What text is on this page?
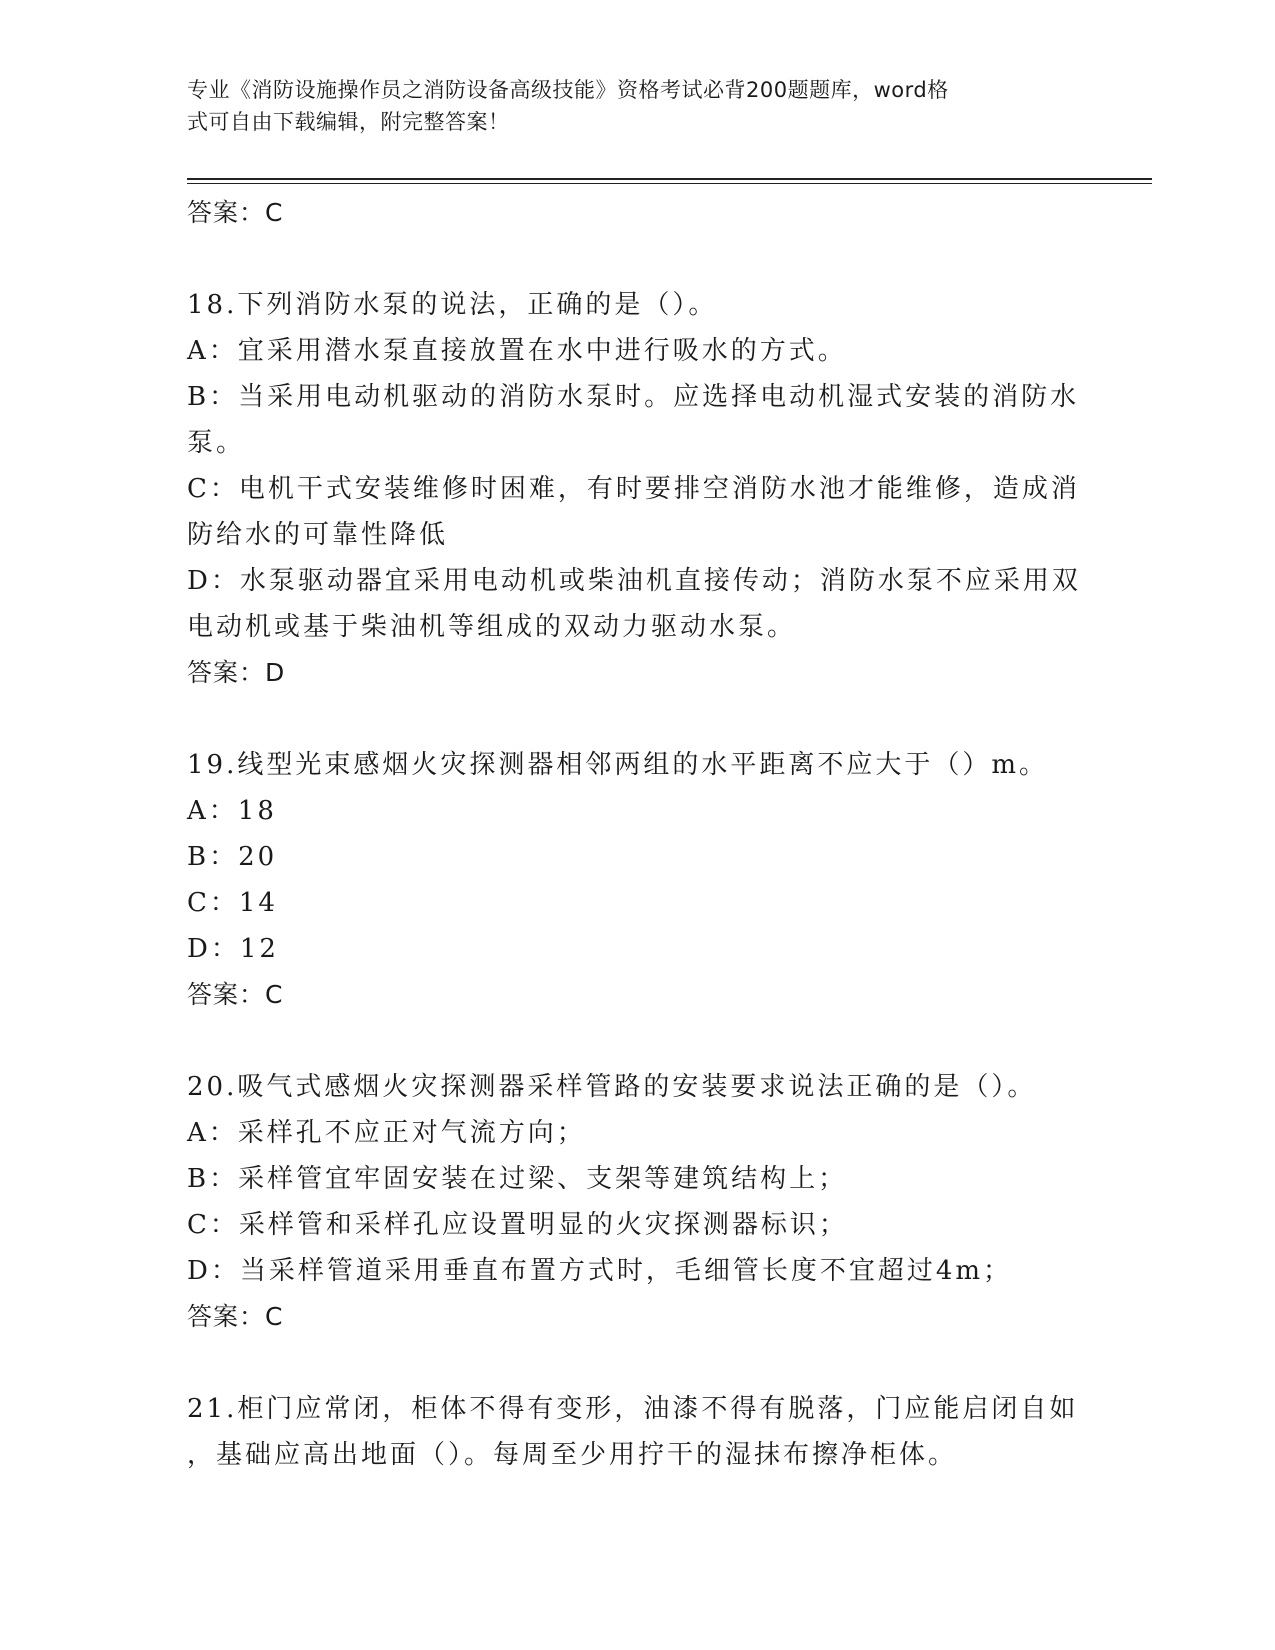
专业《消防设施操作员之消防设备高级技能》资格考试必背200题题库，word格
式可自由下载编辑，附完整答案！
答案：C
18.下列消防水泵的说法，正确的是（）。
A：宜采用潜水泵直接放置在水中进行吸水的方式。
B：当采用电动机驱动的消防水泵时。应选择电动机湿式安装的消防水
泵。
C：电机干式安装维修时困难，有时要排空消防水池才能维修，造成消
防给水的可靠性降低
D：水泵驱动器宜采用电动机或柴油机直接传动；消防水泵不应采用双
电动机或基于柴油机等组成的双动力驱动水泵。
答案：D
19.线型光束感烟火灾探测器相邻两组的水平距离不应大于（）m。
A：18
B：20
C：14
D：12
答案：C
20.吸气式感烟火灾探测器采样管路的安装要求说法正确的是（）。
A：采样孔不应正对气流方向；
B：采样管宜牢固安装在过梁、支架等建筑结构上；
C：采样管和采样孔应设置明显的火灾探测器标识；
D：当采样管道采用垂直布置方式时，毛细管长度不宜超过4m；
答案：C
21.柜门应常闭，柜体不得有变形，油漆不得有脱落，门应能启闭自如
，基础应高出地面（）。每周至少用拧干的湿抹布擦净柜体。
